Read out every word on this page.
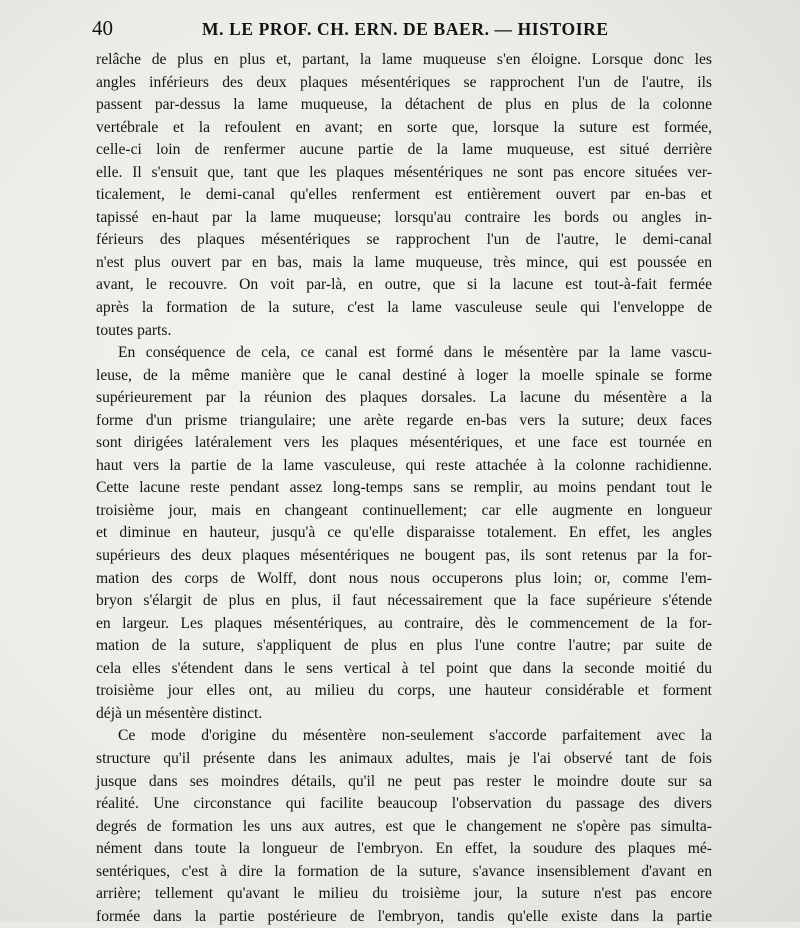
40	M. LE PROF. CH. ERN. DE BAER. — HISTOIRE
relâche de plus en plus et, partant, la lame muqueuse s'en éloigne. Lorsque donc les
angles inférieurs des deux plaques mésentériques se rapprochent l'un de l'autre, ils
passent par-dessus la lame muqueuse, la détachent de plus en plus de la colonne
vertébrale et la refoulent en avant; en sorte que, lorsque la suture est formée,
celle-ci loin de renfermer aucune partie de la lame muqueuse, est situé derrière
elle. Il s'ensuit que, tant que les plaques mésentériques ne sont pas encore situées ver-
ticalement, le demi-canal qu'elles renferment est entièrement ouvert par en-bas et
tapissé en-haut par la lame muqueuse; lorsqu'au contraire les bords ou angles in-
férieurs des plaques mésentériques se rapprochent l'un de l'autre, le demi-canal
n'est plus ouvert par en bas, mais la lame muqueuse, très mince, qui est poussée en
avant, le recouvre. On voit par-là, en outre, que si la lacune est tout-à-fait fermée
après la formation de la suture, c'est la lame vasculeuse seule qui l'enveloppe de
toutes parts.
En conséquence de cela, ce canal est formé dans le mésentère par la lame vascu-
leuse, de la même manière que le canal destiné à loger la moelle spinale se forme
supérieurement par la réunion des plaques dorsales. La lacune du mésentère a la
forme d'un prisme triangulaire; une arète regarde en-bas vers la suture; deux faces
sont dirigées latéralement vers les plaques mésentériques, et une face est tournée en
haut vers la partie de la lame vasculeuse, qui reste attachée à la colonne rachidienne.
Cette lacune reste pendant assez long-temps sans se remplir, au moins pendant tout le
troisième jour, mais en changeant continuellement; car elle augmente en longueur
et diminue en hauteur, jusqu'à ce qu'elle disparaisse totalement. En effet, les angles
supérieurs des deux plaques mésentériques ne bougent pas, ils sont retenus par la for-
mation des corps de Wolff, dont nous nous occuperons plus loin; or, comme l'em-
bryon s'élargit de plus en plus, il faut nécessairement que la face supérieure s'étende
en largeur. Les plaques mésentériques, au contraire, dès le commencement de la for-
mation de la suture, s'appliquent de plus en plus l'une contre l'autre; par suite de
cela elles s'étendent dans le sens vertical à tel point que dans la seconde moitié du
troisième jour elles ont, au milieu du corps, une hauteur considérable et forment
déjà un mésentère distinct.
Ce mode d'origine du mésentère non-seulement s'accorde parfaitement avec la
structure qu'il présente dans les animaux adultes, mais je l'ai observé tant de fois
jusque dans ses moindres détails, qu'il ne peut pas rester le moindre doute sur sa
réalité. Une circonstance qui facilite beaucoup l'observation du passage des divers
degrés de formation les uns aux autres, est que le changement ne s'opère pas simulta-
nément dans toute la longueur de l'embryon. En effet, la soudure des plaques mé-
sentériques, c'est à dire la formation de la suture, s'avance insensiblement d'avant en
arrière; tellement qu'avant le milieu du troisième jour, la suture n'est pas encore
formée dans la partie postérieure de l'embryon, tandis qu'elle existe dans la partie
